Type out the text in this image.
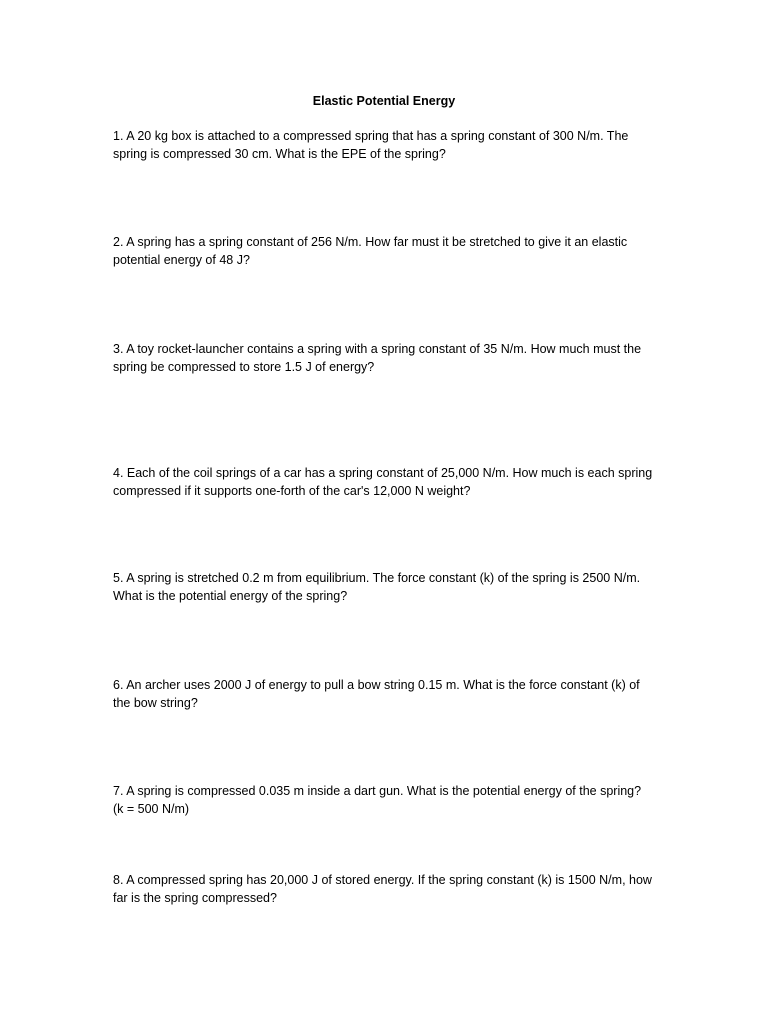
Elastic Potential Energy

1. A 20 kg box is attached to a compressed spring that has a spring constant of 300 N/m. The
spring is compressed 30 cm. What is the EPE of the spring?

2. A spring has a spring constant of 256 N/m. How far must it be stretched to give it an elastic
potential energy of 48 J?

3. A toy rocket-launcher contains a spring with a spring constant of 35 N/m. How much must the
spring be compressed to store 1.5 J of energy?

4. Each of the coil springs of a car has a spring constant of 25,000 N/m. How much is each spring
compressed if it supports one-forth of the car's 12,000 N weight?

5. A spring is stretched 0.2 m from equilibrium. The force constant (k) of the spring is 2500 N/m.
What is the potential energy of the spring?

6. An archer uses 2000 J of energy to pull a bow string 0.15 m. What is the force constant (k) of
the bow string?

7. A spring is compressed 0.035 m inside a dart gun. What is the potential energy of the spring?
(k = 500 N/m)

8. A compressed spring has 20,000 J of stored energy. If the spring constant (k) is 1500 N/m, how
far is the spring compressed?
